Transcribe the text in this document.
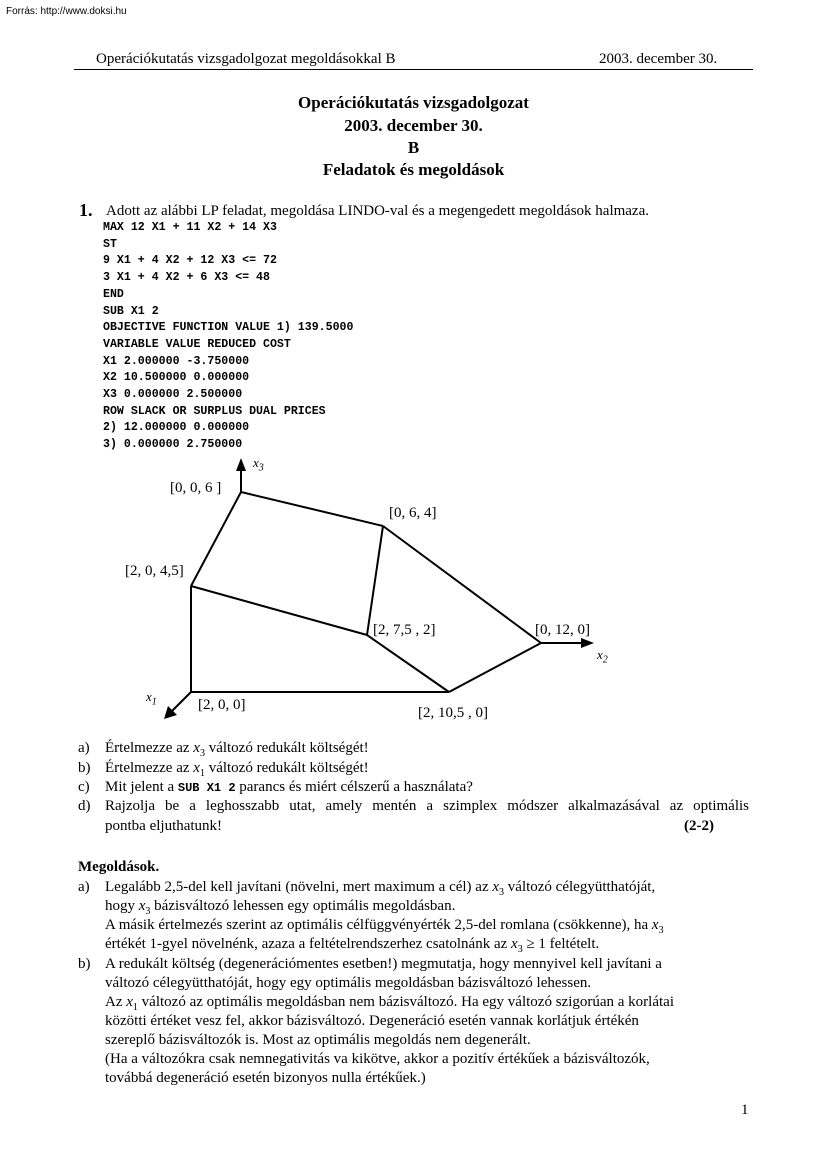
Forrás: http://www.doksi.hu
Operációkutatás vizsgadolgozat megoldásokkal B	2003. december 30.
Operációkutatás vizsgadolgozat
2003. december 30.
B
Feladatok és megoldások
1. Adott az alábbi LP feladat, megoldása LINDO-val és a megengedett megoldások halmaza.
MAX 12 X1 + 11 X2 + 14 X3
ST
9 X1 + 4 X2 + 12 X3 <= 72
3 X1 + 4 X2 + 6 X3 <= 48
END
SUB X1 2
OBJECTIVE FUNCTION VALUE 1) 139.5000
VARIABLE VALUE REDUCED COST
X1 2.000000 -3.750000
X2 10.500000 0.000000
X3 0.000000 2.500000
ROW SLACK OR SURPLUS DUAL PRICES
2) 12.000000 0.000000
3) 0.000000 2.750000
$x_3$
$x_2$
$x_1$
[0, 0, 6 ]
[0, 6, 4]
[2, 0, 4,5]
[2, 7,5 , 2]	[0, 12, 0]
[2, 0, 0]	[2, 10,5 , 0]
a) Értelmezze az $x_3$ változó redukált költségét!
b) Értelmezze az $x_1$ változó redukált költségét!
c) Mit jelent a SUB X1 2 parancs és miért célszerű a használata?
d) Rajzolja be a leghosszabb utat, amely mentén a szimplex módszer alkalmazásával az optimális
pontba eljuthatunk!	(2-2)
Megoldások.
a) Legalább 2,5-del kell javítani (növelni, mert maximum a cél) az $x_3$ változó célegyütthatóját,
hogy $x_3$ bázisváltozó lehessen egy optimális megoldásban.
A másik értelmezés szerint az optimális célfüggvényérték 2,5-del romlana (csökkenne), ha $x_3$
értékét 1-gyel növelnénk, azaza a feltételrendszerhez csatolnánk az $x_3 \ge 1$ feltételt.
b) A redukált költség (degenerációmentes esetben!) megmutatja, hogy mennyivel kell javítani a
változó célegyütthatóját, hogy egy optimális megoldásban bázisváltozó lehessen.
Az $x_1$ változó az optimális megoldásban nem bázisváltozó. Ha egy változó szigorúan a korlátai
közötti értéket vesz fel, akkor bázisváltozó. Degeneráció esetén vannak korlátjuk értékén
szereplő bázisváltozók is. Most az optimális megoldás nem degenerált.
(Ha a változókra csak nemnegativitás va kikötve, akkor a pozitív értékűek a bázisváltozók,
továbbá degeneráció esetén bizonyos nulla értékűek.)
1
